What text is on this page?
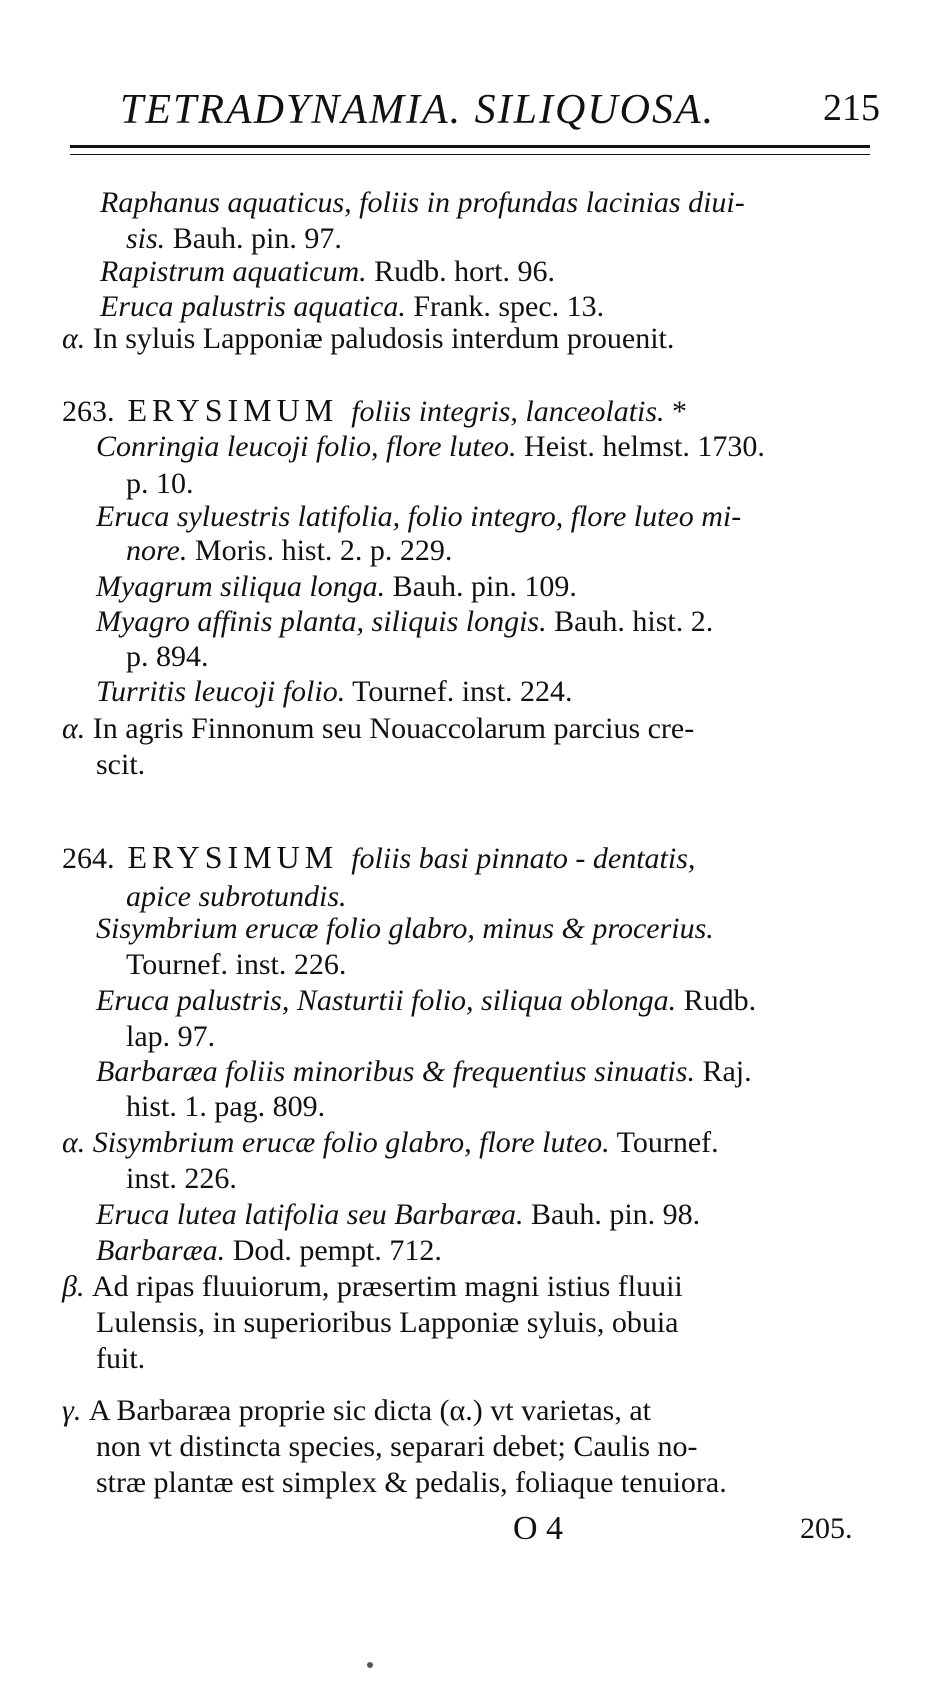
TETRADYNAMIA. SILIQUOSA.	215
Raphanus aquaticus, foliis in profundas lacinias diui-
sis. Bauh. pin. 97.
Rapistrum aquaticum. Rudb. hort. 96.
Eruca palustris aquatica. Frank. spec. 13.
α. In syluis Lapponiæ paludosis interdum prouenit.
263. ERYSIMUM foliis integris, lanceolatis. *
Conringia leucoji folio, flore luteo. Heist. helmst. 1730.
p. 10.
Eruca syluestris latifolia, folio integro, flore luteo mi-
nore. Moris. hist. 2. p. 229.
Myagrum siliqua longa. Bauh. pin. 109.
Myagro affinis planta, siliquis longis. Bauh. hist. 2.
p. 894.
Turritis leucoji folio. Tournef. inst. 224.
α. In agris Finnonum seu Nouaccolarum parcius cre-
scit.
264. ERYSIMUM foliis basi pinnato - dentatis,
apice subrotundis.
Sisymbrium erucæ folio glabro, minus & procerius.
Tournef. inst. 226.
Eruca palustris, Nasturtii folio, siliqua oblonga. Rudb.
lap. 97.
Barbaræa foliis minoribus & frequentius sinuatis. Raj.
hist. 1. pag. 809.
α. Sisymbrium erucæ folio glabro, flore luteo. Tournef.
inst. 226.
Eruca lutea latifolia seu Barbaræa. Bauh. pin. 98.
Barbaræa. Dod. pempt. 712.
β. Ad ripas fluuiorum, præsertim magni istius fluuii
Lulensis, in superioribus Lapponiæ syluis, obuia
fuit.
γ. A Barbaræa proprie sic dicta (α.) vt varietas, at
non vt distincta species, separari debet; Caulis no-
stræ plantæ est simplex & pedalis, foliaque tenuiora.
O 4	205.
